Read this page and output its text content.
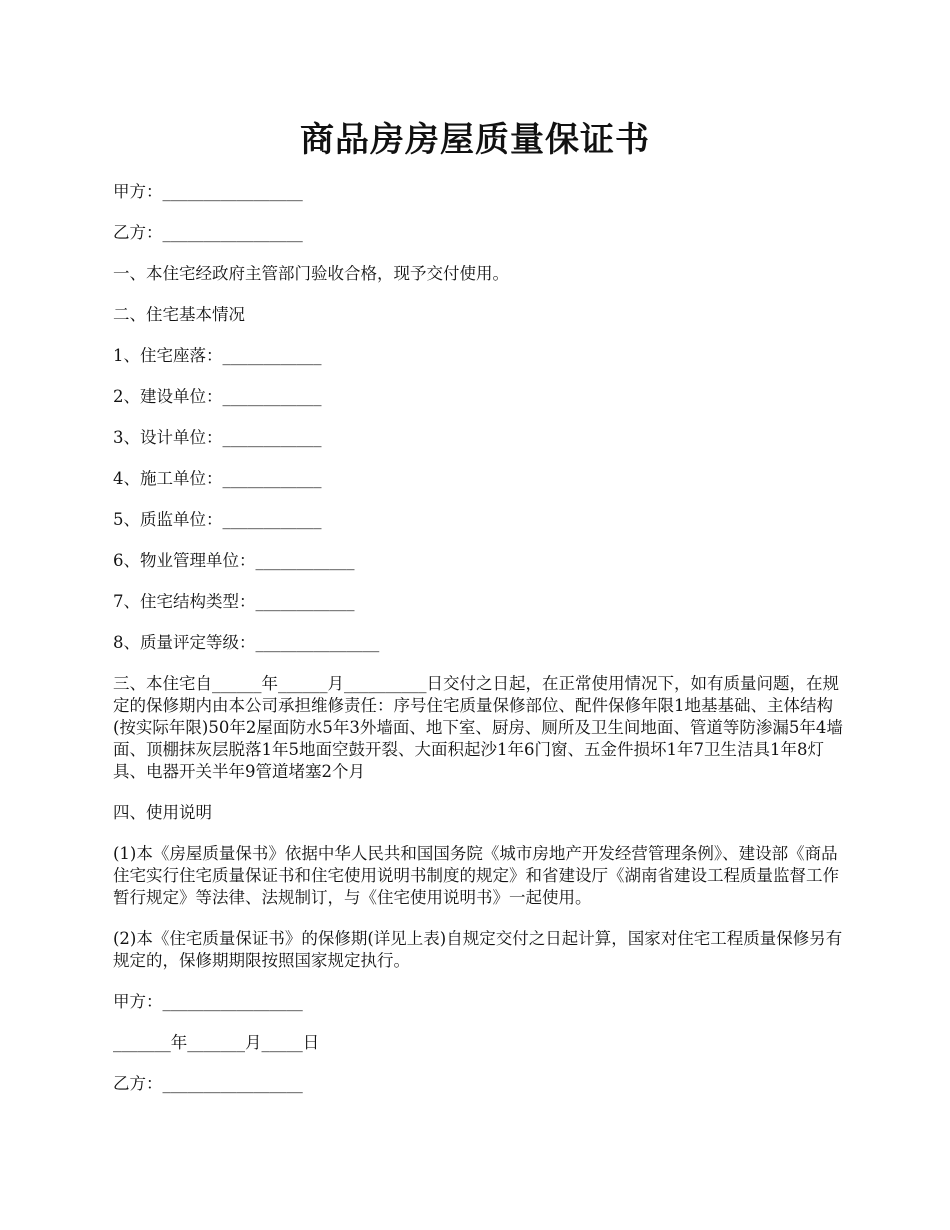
商品房房屋质量保证书

甲方：_________________

乙方：_________________

一、本住宅经政府主管部门验收合格，现予交付使用。

二、住宅基本情况

1、住宅座落：____________

2、建设单位：____________

3、设计单位：____________

4、施工单位：____________

5、质监单位：____________

6、物业管理单位：____________

7、住宅结构类型：____________

8、质量评定等级：_______________

三、本住宅自______年______月__________日交付之日起，在正常使用情况下，如有质量问题，在规定的保修期内由本公司承担维修责任：序号住宅质量保修部位、配件保修年限1地基基础、主体结构(按实际年限)50年2屋面防水5年3外墙面、地下室、厨房、厕所及卫生间地面、管道等防渗漏5年4墙面、顶棚抹灰层脱落1年5地面空鼓开裂、大面积起沙1年6门窗、五金件损坏1年7卫生洁具1年8灯具、电器开关半年9管道堵塞2个月

四、使用说明

(1)本《房屋质量保书》依据中华人民共和国国务院《城市房地产开发经营管理条例》、建设部《商品住宅实行住宅质量保证书和住宅使用说明书制度的规定》和省建设厅《湖南省建设工程质量监督工作暂行规定》等法律、法规制订，与《住宅使用说明书》一起使用。

(2)本《住宅质量保证书》的保修期(详见上表)自规定交付之日起计算，国家对住宅工程质量保修另有规定的，保修期期限按照国家规定执行。

甲方：_________________

_______年_______月_____日

乙方：_________________
